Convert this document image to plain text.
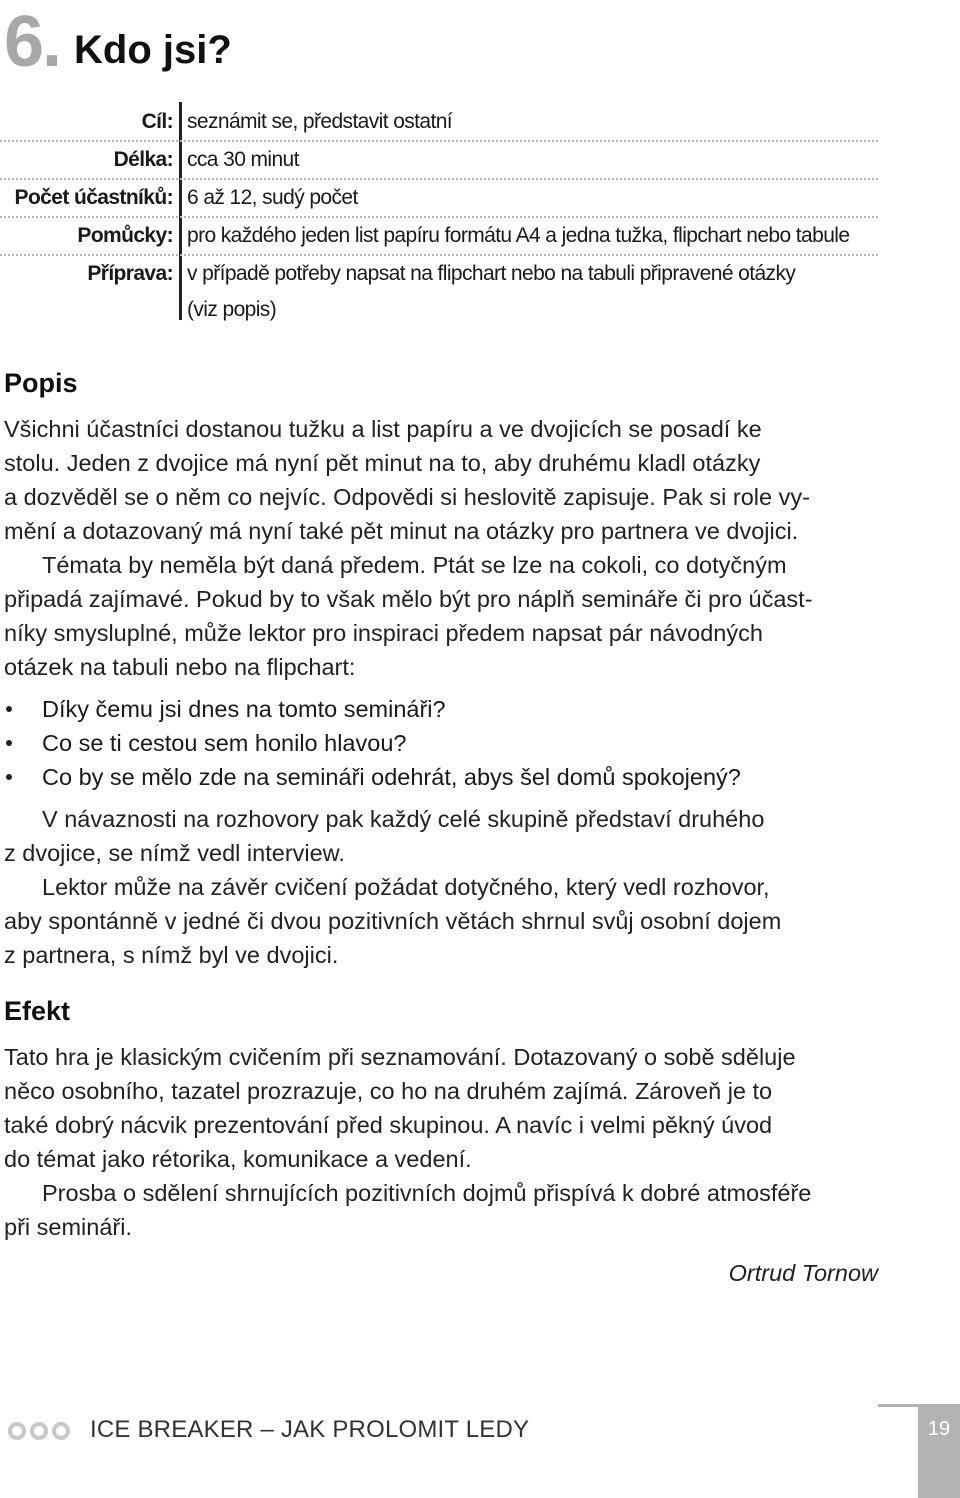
6. Kdo jsi?
Cíl: seznámit se, představit ostatní
Délka: cca 30 minut
Počet účastníků: 6 až 12, sudý počet
Pomůcky: pro každého jeden list papíru formátu A4 a jedna tužka, flipchart nebo tabule
Příprava: v případě potřeby napsat na flipchart nebo na tabuli připravené otázky
(viz popis)
Popis
Všichni účastníci dostanou tužku a list papíru a ve dvojicích se posadí ke
stolu. Jeden z dvojice má nyní pět minut na to, aby druhému kladl otázky
a dozvěděl se o něm co nejvíc. Odpovědi si heslovitě zapisuje. Pak si role vy-
mění a dotazovaný má nyní také pět minut na otázky pro partnera ve dvojici.
Témata by neměla být daná předem. Ptát se lze na cokoli, co dotyčným
připadá zajímavé. Pokud by to však mělo být pro náplň semináře či pro účast-
níky smysluplné, může lektor pro inspiraci předem napsat pár návodných
otázek na tabuli nebo na flipchart:
Díky čemu jsi dnes na tomto semináři?
Co se ti cestou sem honilo hlavou?
Co by se mělo zde na semináři odehrát, abys šel domů spokojený?
V návaznosti na rozhovory pak každý celé skupině představí druhého
z dvojice, se nímž vedl interview.
Lektor může na závěr cvičení požádat dotyčného, který vedl rozhovor,
aby spontánně v jedné či dvou pozitivních větách shrnul svůj osobní dojem
z partnera, s nímž byl ve dvojici.
Efekt
Tato hra je klasickým cvičením při seznamování. Dotazovaný o sobě sděluje
něco osobního, tazatel prozrazuje, co ho na druhém zajímá. Zároveň je to
také dobrý nácvik prezentování před skupinou. A navíc i velmi pěkný úvod
do témat jako rétorika, komunikace a vedení.
Prosba o sdělení shrnujících pozitivních dojmů přispívá k dobré atmosféře
při semináři.
Ortrud Tornow
ICE BREAKER – JAK PROLOMIT LEDY	19
